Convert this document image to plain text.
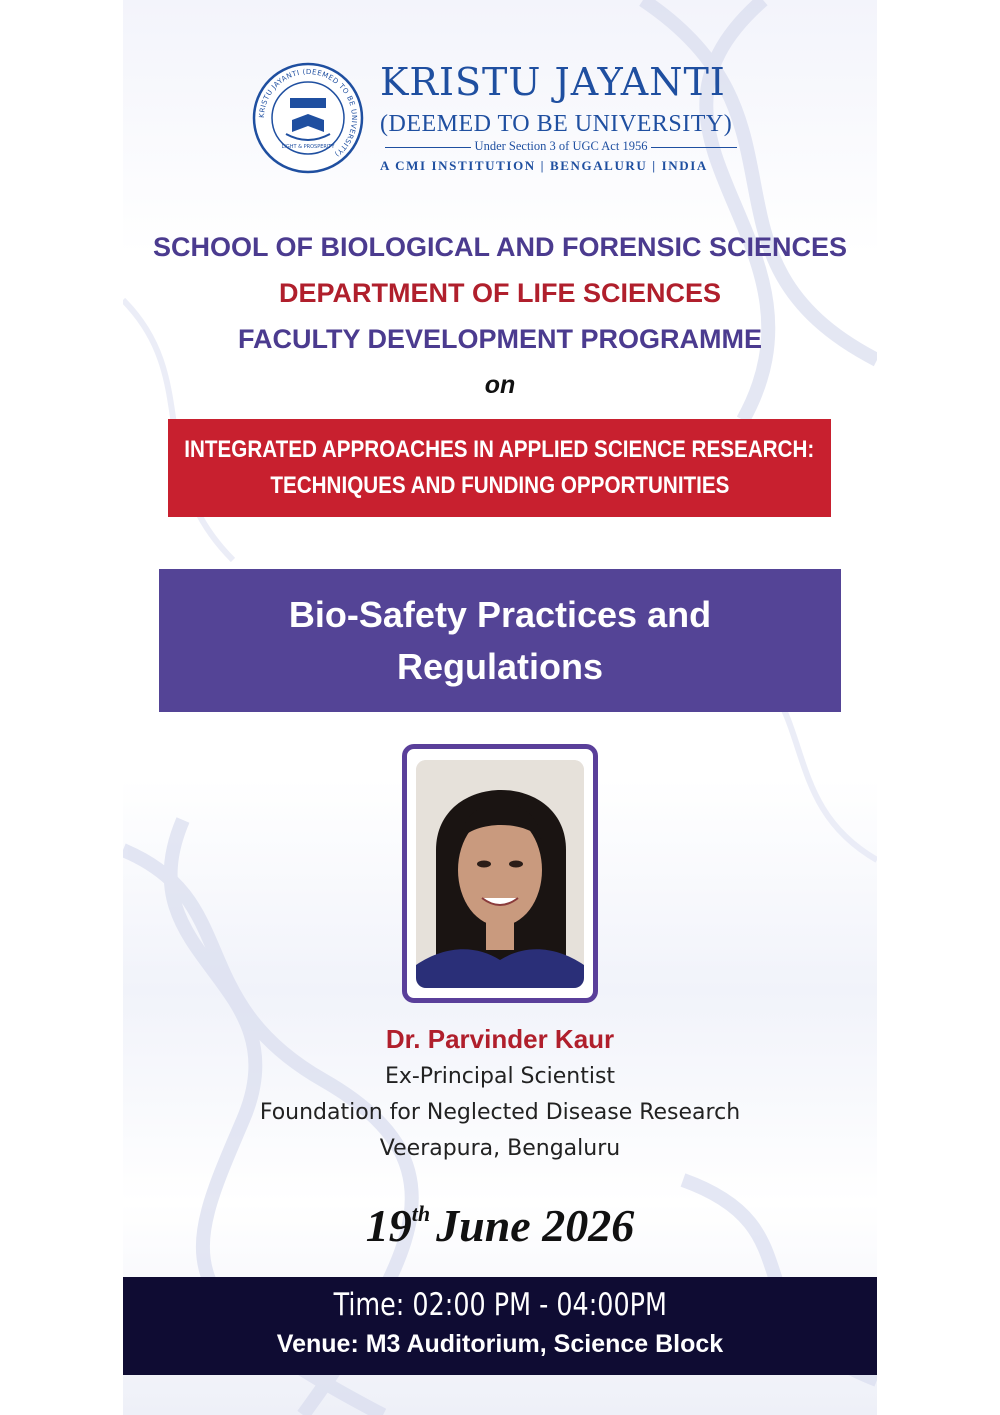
KRISTU JAYANTI (DEEMED TO BE UNIVERSITY)
LIGHT & PROSPERITY
KRISTU JAYANTI
(DEEMED TO BE UNIVERSITY)
Under Section 3 of UGC Act 1956
A CMI INSTITUTION | BENGALURU | INDIA
SCHOOL OF BIOLOGICAL AND FORENSIC SCIENCES
DEPARTMENT OF LIFE SCIENCES
FACULTY DEVELOPMENT PROGRAMME
on
INTEGRATED APPROACHES IN APPLIED SCIENCE RESEARCH:
TECHNIQUES AND FUNDING OPPORTUNITIES
Bio-Safety Practices and
Regulations
Dr. Parvinder Kaur
Ex-Principal Scientist
Foundation for Neglected Disease Research
Veerapura, Bengaluru
19th June 2026
Time: 02:00 PM - 04:00PM
Venue: M3 Auditorium, Science Block
